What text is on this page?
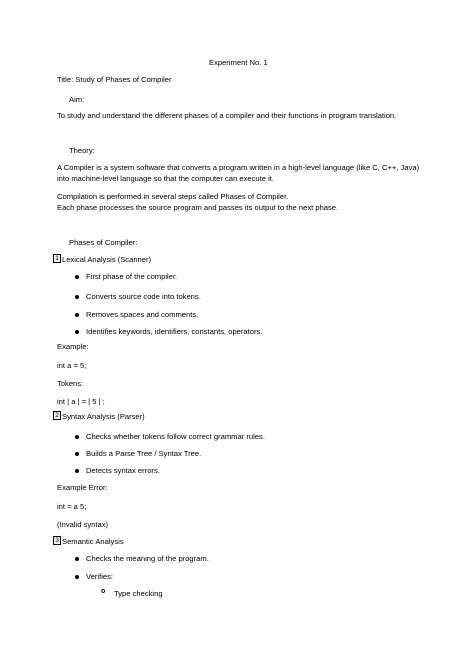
Experiment No. 1
Title: Study of Phases of Compiler
Aim:
To study and understand the different phases of a compiler and their functions in program translation.
Theory:
A Compiler is a system software that converts a program written in a high-level language (like C, C++, Java)
into machine-level language so that the computer can execute it.
Compilation is performed in several steps called Phases of Compiler.
Each phase processes the source program and passes its output to the next phase.
Phases of Compiler:
1 Lexical Analysis (Scanner)
First phase of the compiler.
Converts source code into tokens.
Removes spaces and comments.
Identifies keywords, identifiers, constants, operators.
Example:
int a = 5;
Tokens:
int | a | = | 5 | ;
2 Syntax Analysis (Parser)
Checks whether tokens follow correct grammar rules.
Builds a Parse Tree / Syntax Tree.
Detects syntax errors.
Example Error:
int = a 5;
(Invalid syntax)
3 Semantic Analysis
Checks the meaning of the program.
Verifies:
o Type checking
